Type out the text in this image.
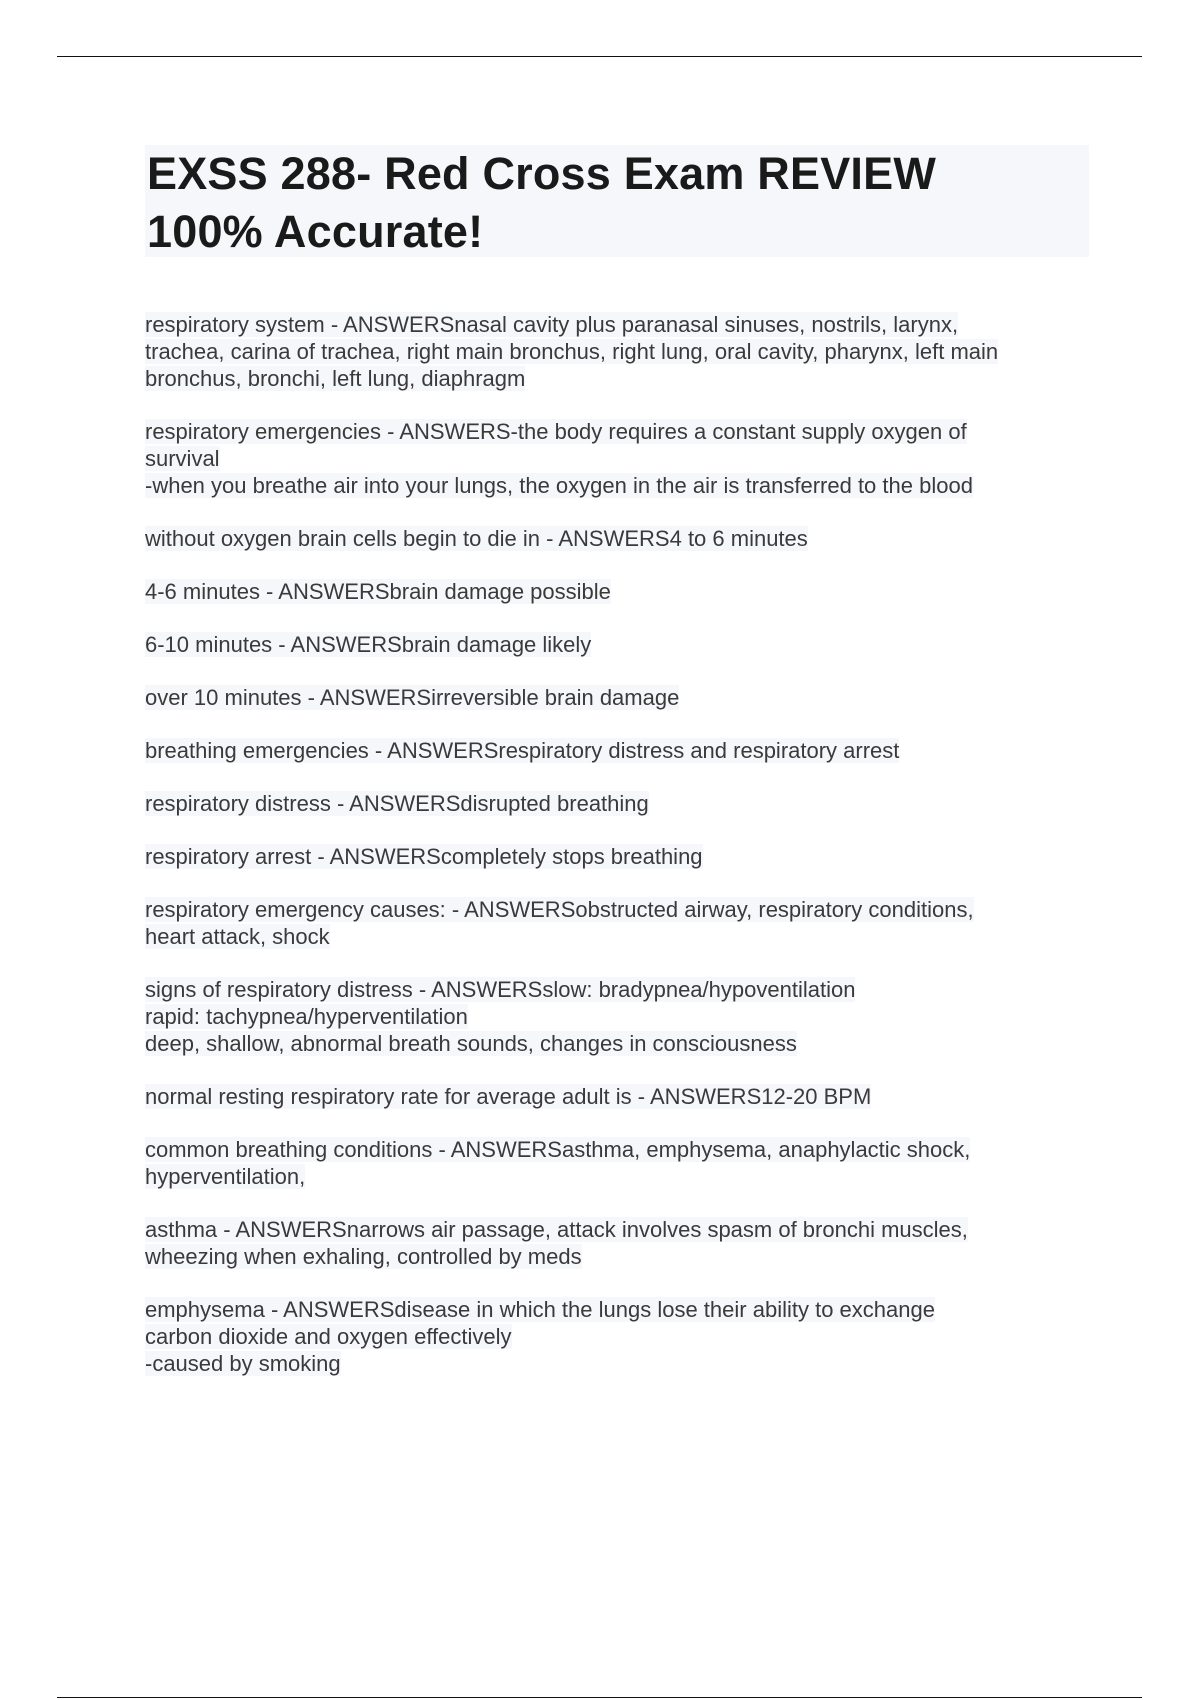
EXSS 288- Red Cross Exam REVIEW
100% Accurate!
respiratory system - ANSWERSnasal cavity plus paranasal sinuses, nostrils, larynx,
trachea, carina of trachea, right main bronchus, right lung, oral cavity, pharynx, left main
bronchus, bronchi, left lung, diaphragm
respiratory emergencies - ANSWERS-the body requires a constant supply oxygen of
survival
-when you breathe air into your lungs, the oxygen in the air is transferred to the blood
without oxygen brain cells begin to die in - ANSWERS4 to 6 minutes
4-6 minutes - ANSWERSbrain damage possible
6-10 minutes - ANSWERSbrain damage likely
over 10 minutes - ANSWERSirreversible brain damage
breathing emergencies - ANSWERSrespiratory distress and respiratory arrest
respiratory distress - ANSWERSdisrupted breathing
respiratory arrest - ANSWERScompletely stops breathing
respiratory emergency causes: - ANSWERSobstructed airway, respiratory conditions,
heart attack, shock
signs of respiratory distress - ANSWERSslow: bradypnea/hypoventilation
rapid: tachypnea/hyperventilation
deep, shallow, abnormal breath sounds, changes in consciousness
normal resting respiratory rate for average adult is - ANSWERS12-20 BPM
common breathing conditions - ANSWERSasthma, emphysema, anaphylactic shock,
hyperventilation,
asthma - ANSWERSnarrows air passage, attack involves spasm of bronchi muscles,
wheezing when exhaling, controlled by meds
emphysema - ANSWERSdisease in which the lungs lose their ability to exchange
carbon dioxide and oxygen effectively
-caused by smoking
